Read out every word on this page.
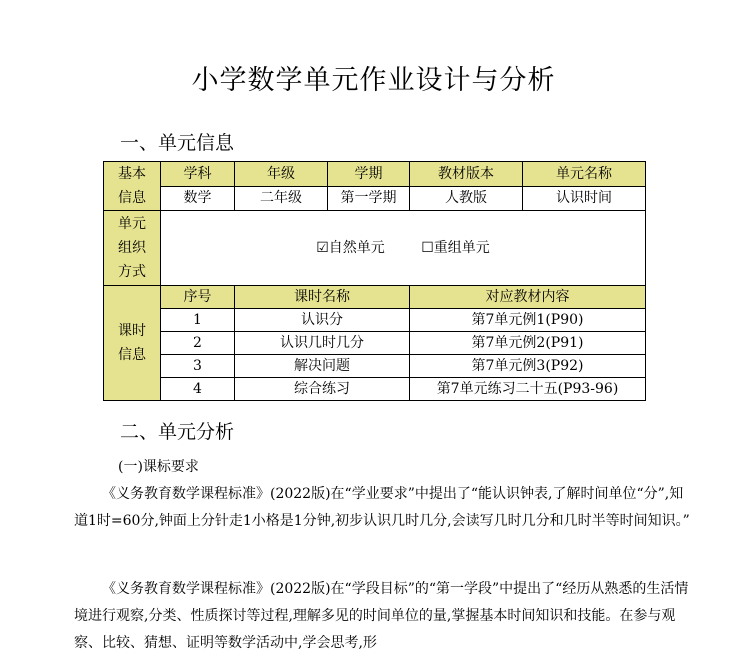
小学数学单元作业设计与分析
一、单元信息
基本
信息	学科	年级	学期	教材版本	单元名称
	数学	二年级	第一学期	人教版	认识时间

单元
组织
方式	☑自然单元 ☐重组单元				

课时
信息	序号	课时名称		对应教材内容	
	1	认识分		第7单元例1(P90)	
	2	认识几时几分		第7单元例2(P91)	
	3	解决问题		第7单元例3(P92)	
	4	综合练习		第7单元练习二十五(P93-96)	
二、单元分析
(一)课标要求

《义务教育数学课程标准》(2022版)在“学业要求”中提出了“能认识钟表,了解时间单位“分”,知道1时=60分,钟面上分针走1小格是1分钟,初步认识几时几分,会读写几时几分和几时半等时间知识。”

《义务教育数学课程标准》(2022版)在“学段目标”的“第一学段”中提出了“经历从熟悉的生活情境进行观察,分类、性质探讨等过程,理解多见的时间单位的量,掌握基本时间知识和技能。在参与观察、比较、猜想、证明等数学活动中,学会思考,形
